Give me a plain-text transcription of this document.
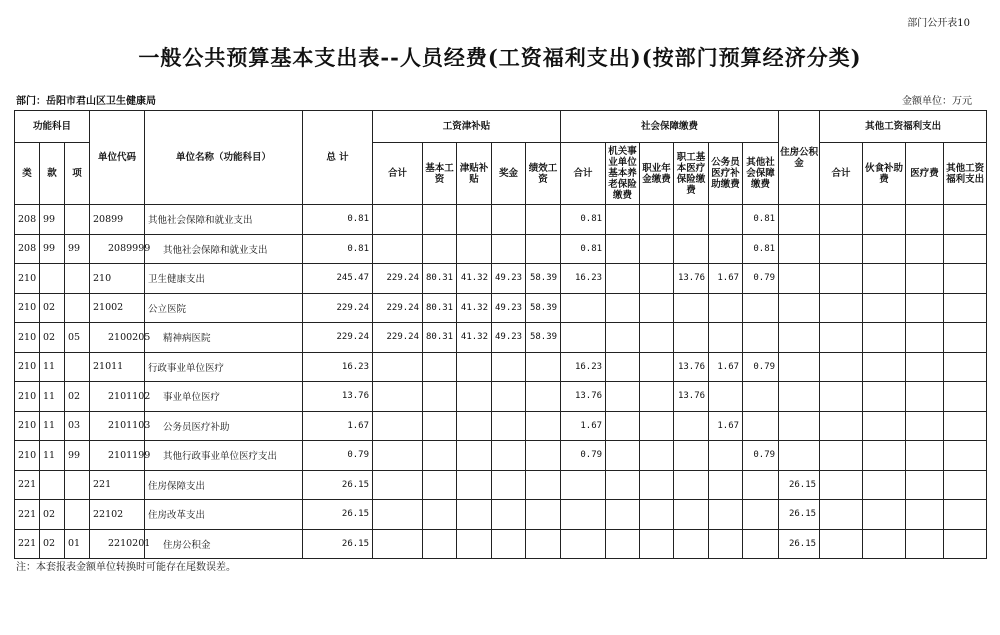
部门公开表10
一般公共预算基本支出表--人员经费(工资福利支出)(按部门预算经济分类)
部门：岳阳市君山区卫生健康局	金额单位：万元
功能科目			单位代码	单位名称（功能科目）	总 计	工资津补贴					社会保障缴费						住房公积金	其他工资福利支出			
类	款	项				合计	基本工资	津贴补贴	奖金	绩效工资	合计	机关事业单位基本养老保险缴费	职业年金缴费	职工基本医疗保险缴费	公务员医疗补助缴费	其他社会保障缴费		合计	伙食补助费	医疗费	其他工资福利支出
208	99		20899	其他社会保障和就业支出	0.81						0.81					0.81					
208	99	99	2089999	其他社会保障和就业支出	0.81						0.81					0.81					
210			210	卫生健康支出	245.47	229.24	80.31	41.32	49.23	58.39	16.23			13.76	1.67	0.79					
210	02		21002	公立医院	229.24	229.24	80.31	41.32	49.23	58.39											
210	02	05	2100205	精神病医院	229.24	229.24	80.31	41.32	49.23	58.39											
210	11		21011	行政事业单位医疗	16.23						16.23			13.76	1.67	0.79					
210	11	02	2101102	事业单位医疗	13.76						13.76			13.76							
210	11	03	2101103	公务员医疗补助	1.67						1.67				1.67						
210	11	99	2101199	其他行政事业单位医疗支出	0.79						0.79					0.79					
221			221	住房保障支出	26.15												26.15				
221	02		22102	住房改革支出	26.15												26.15				
221	02	01	2210201	住房公积金	26.15												26.15				
注：本套报表金额单位转换时可能存在尾数误差。
